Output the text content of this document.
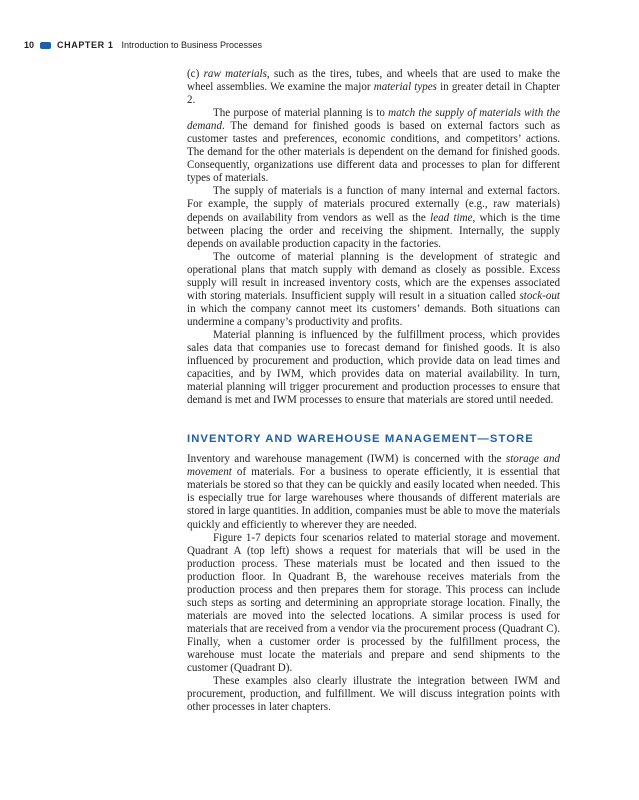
10	CHAPTER 1 Introduction to Business Processes

(c) raw materials, such as the tires, tubes, and wheels that are used to make the wheel assemblies. We examine the major material types in greater detail in Chapter 2.

The purpose of material planning is to match the supply of materials with the demand. The demand for finished goods is based on external factors such as customer tastes and preferences, economic conditions, and competitors’ actions. The demand for the other materials is dependent on the demand for finished goods. Consequently, organizations use different data and processes to plan for different types of materials.

The supply of materials is a function of many internal and external factors. For example, the supply of materials procured externally (e.g., raw materials) depends on availability from vendors as well as the lead time, which is the time between placing the order and receiving the shipment. Internally, the supply depends on available production capacity in the factories.

The outcome of material planning is the development of strategic and operational plans that match supply with demand as closely as possible. Excess supply will result in increased inventory costs, which are the expenses associated with storing materials. Insufficient supply will result in a situation called stock-out in which the company cannot meet its customers’ demands. Both situations can undermine a company’s productivity and profits.

Material planning is influenced by the fulfillment process, which provides sales data that companies use to forecast demand for finished goods. It is also influenced by procurement and production, which provide data on lead times and capacities, and by IWM, which provides data on material availability. In turn, material planning will trigger procurement and production processes to ensure that demand is met and IWM processes to ensure that materials are stored until needed.

INVENTORY AND WAREHOUSE MANAGEMENT—STORE

Inventory and warehouse management (IWM) is concerned with the storage and movement of materials. For a business to operate efficiently, it is essential that materials be stored so that they can be quickly and easily located when needed. This is especially true for large warehouses where thousands of different materials are stored in large quantities. In addition, companies must be able to move the materials quickly and efficiently to wherever they are needed.

Figure 1-7 depicts four scenarios related to material storage and movement. Quadrant A (top left) shows a request for materials that will be used in the production process. These materials must be located and then issued to the production floor. In Quadrant B, the warehouse receives materials from the production process and then prepares them for storage. This process can include such steps as sorting and determining an appropriate storage location. Finally, the materials are moved into the selected locations. A similar process is used for materials that are received from a vendor via the procurement process (Quadrant C). Finally, when a customer order is processed by the fulfillment process, the warehouse must locate the materials and prepare and send shipments to the customer (Quadrant D).

These examples also clearly illustrate the integration between IWM and procurement, production, and fulfillment. We will discuss integration points with other processes in later chapters.
